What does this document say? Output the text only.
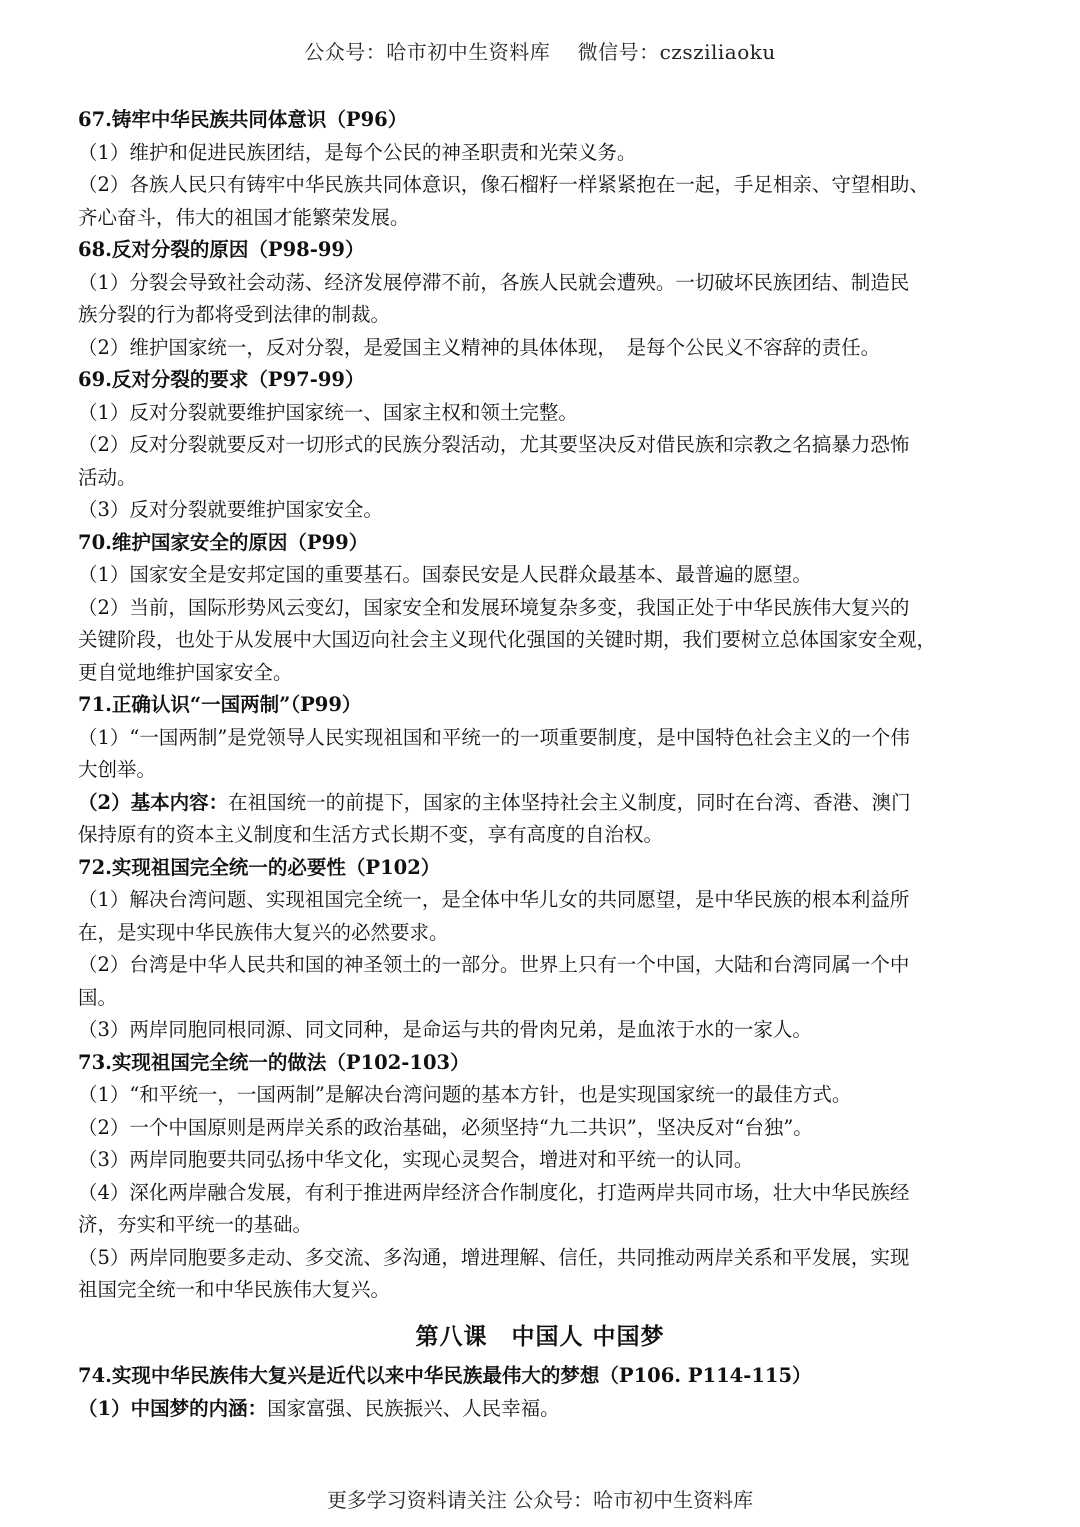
公众号：哈市初中生资料库　 微信号：czsziliaoku
67.铸牢中华民族共同体意识（P96）
（1）维护和促进民族团结，是每个公民的神圣职责和光荣义务。
（2）各族人民只有铸牢中华民族共同体意识，像石榴籽一样紧紧抱在一起，手足相亲、守望相助、
齐心奋斗，伟大的祖国才能繁荣发展。
68.反对分裂的原因（P98-99）
（1）分裂会导致社会动荡、经济发展停滞不前，各族人民就会遭殃。一切破坏民族团结、制造民
族分裂的行为都将受到法律的制裁。
（2）维护国家统一，反对分裂，是爱国主义精神的具体体现，　是每个公民义不容辞的责任。
69.反对分裂的要求（P97-99）
（1）反对分裂就要维护国家统一、国家主权和领土完整。
（2）反对分裂就要反对一切形式的民族分裂活动，尤其要坚决反对借民族和宗教之名搞暴力恐怖
活动。
（3）反对分裂就要维护国家安全。
70.维护国家安全的原因（P99）
（1）国家安全是安邦定国的重要基石。国泰民安是人民群众最基本、最普遍的愿望。
（2）当前，国际形势风云变幻，国家安全和发展环境复杂多变，我国正处于中华民族伟大复兴的
关键阶段，也处于从发展中大国迈向社会主义现代化强国的关键时期，我们要树立总体国家安全观，
更自觉地维护国家安全。
71.正确认识“一国两制”（P99）
（1）“一国两制”是党领导人民实现祖国和平统一的一项重要制度，是中国特色社会主义的一个伟
大创举。
（2）基本内容：在祖国统一的前提下，国家的主体坚持社会主义制度，同时在台湾、香港、澳门
保持原有的资本主义制度和生活方式长期不变，享有高度的自治权。
72.实现祖国完全统一的必要性（P102）
（1）解决台湾问题、实现祖国完全统一，是全体中华儿女的共同愿望，是中华民族的根本利益所
在，是实现中华民族伟大复兴的必然要求。
（2）台湾是中华人民共和国的神圣领土的一部分。世界上只有一个中国，大陆和台湾同属一个中
国。
（3）两岸同胞同根同源、同文同种，是命运与共的骨肉兄弟，是血浓于水的一家人。
73.实现祖国完全统一的做法（P102-103）
（1）“和平统一，一国两制”是解决台湾问题的基本方针，也是实现国家统一的最佳方式。
（2）一个中国原则是两岸关系的政治基础，必须坚持“九二共识”，坚决反对“台独”。
（3）两岸同胞要共同弘扬中华文化，实现心灵契合，增进对和平统一的认同。
（4）深化两岸融合发展，有利于推进两岸经济合作制度化，打造两岸共同市场，壮大中华民族经
济，夯实和平统一的基础。
（5）两岸同胞要多走动、多交流、多沟通，增进理解、信任，共同推动两岸关系和平发展，实现
祖国完全统一和中华民族伟大复兴。
第八课　中国人 中国梦
74.实现中华民族伟大复兴是近代以来中华民族最伟大的梦想（P106. P114-115）
（1）中国梦的内涵：国家富强、民族振兴、人民幸福。
更多学习资料请关注 公众号：哈市初中生资料库
